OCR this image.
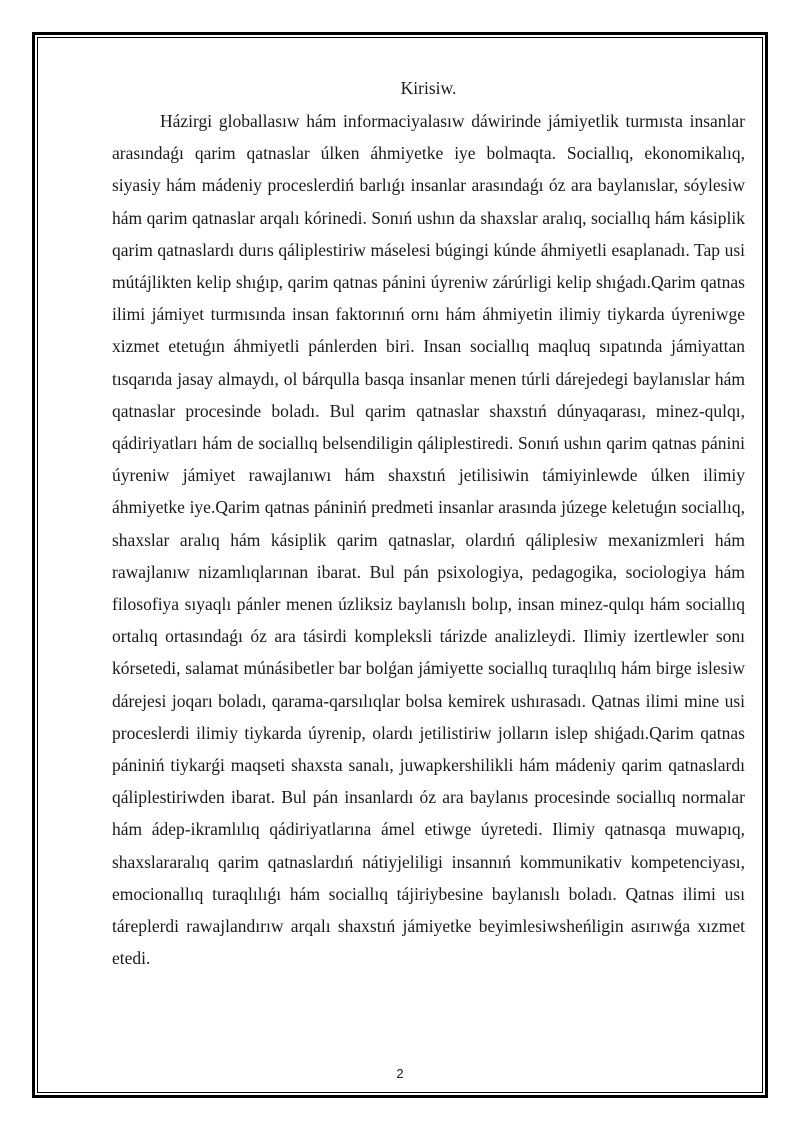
Kirisiw.

Házirgi globallasıw hám informaciyalasıw dáwirinde jámiyetlik turmısta insanlar arasındaǵı qarim qatnaslar úlken áhmiyetke iye bolmaqta. Sociallıq, ekonomikalıq, siyasiy hám mádeniy proceslerdiń barlıǵı insanlar arasındaǵı óz ara baylanıslar, sóylesiw hám qarim qatnaslar arqalı kórinedi. Sonıń ushın da shaxslar aralıq, sociallıq hám kásiplik qarim qatnaslardı durıs qáliplestiriw máselesi búgingi kúnde áhmiyetli esaplanadı. Tap usi mútájlikten kelip shıǵıp, qarim qatnas pánini úyreniw zárúrligi kelip shıǵadı.Qarim qatnas ilimi jámiyet turmısında insan faktorınıń ornı hám áhmiyetin ilimiy tiykarda úyreniwge xizmet etetuǵın áhmiyetli pánlerden biri. Insan sociallıq maqluq sıpatında jámiyattan tısqarıda jasay almaydı, ol bárqulla basqa insanlar menen túrli dárejedegi baylanıslar hám qatnaslar procesinde boladı. Bul qarim qatnaslar shaxstıń dúnyaqarası, minez-qulqı, qádiriyatları hám de sociallıq belsendiligin qáliplestiredi. Sonıń ushın qarim qatnas pánini úyreniw jámiyet rawajlanıwı hám shaxstıń jetilisiwin támiyinlewde úlken ilimiy áhmiyetke iye.Qarim qatnas pániniń predmeti insanlar arasında júzege keletuǵın sociallıq, shaxslar aralıq hám kásiplik qarim qatnaslar, olardıń qáliplesiw mexanizmleri hám rawajlanıw nizamlıqlarınan ibarat. Bul pán psixologiya, pedagogika, sociologiya hám filosofiya sıyaqlı pánler menen úzliksiz baylanıslı bolıp, insan minez-qulqı hám sociallıq ortalıq ortasındaǵı óz ara tásirdi kompleksli tárizde analizleydi. Ilimiy izertlewler sonı kórsetedi, salamat múnásibetler bar bolǵan jámiyette sociallıq turaqlılıq hám birge islesiw dárejesi joqarı boladı, qarama-qarsılıqlar bolsa kemirek ushırasadı. Qatnas ilimi mine usi proceslerdi ilimiy tiykarda úyrenip, olardı jetilistiriw jolların islep shiǵadı.Qarim qatnas pániniń tiykarǵi maqseti shaxsta sanalı, juwapkershilikli hám mádeniy qarim qatnaslardı qáliplestiriwden ibarat. Bul pán insanlardı óz ara baylanıs procesinde sociallıq normalar hám ádep-ikramlılıq qádiriyatlarına ámel etiwge úyretedi. Ilimiy qatnasqa muwapıq, shaxslararalıq qarim qatnaslardıń nátiyjeliligi insannıń kommunikativ kompetenciyası, emocionallıq turaqlılıǵı hám sociallıq tájiriybesine baylanıslı boladı. Qatnas ilimi usı táreplerdi rawajlandırıw arqalı shaxstıń jámiyetke beyimlesiwsheńligin asırıwǵa xızmet etedi.

2
